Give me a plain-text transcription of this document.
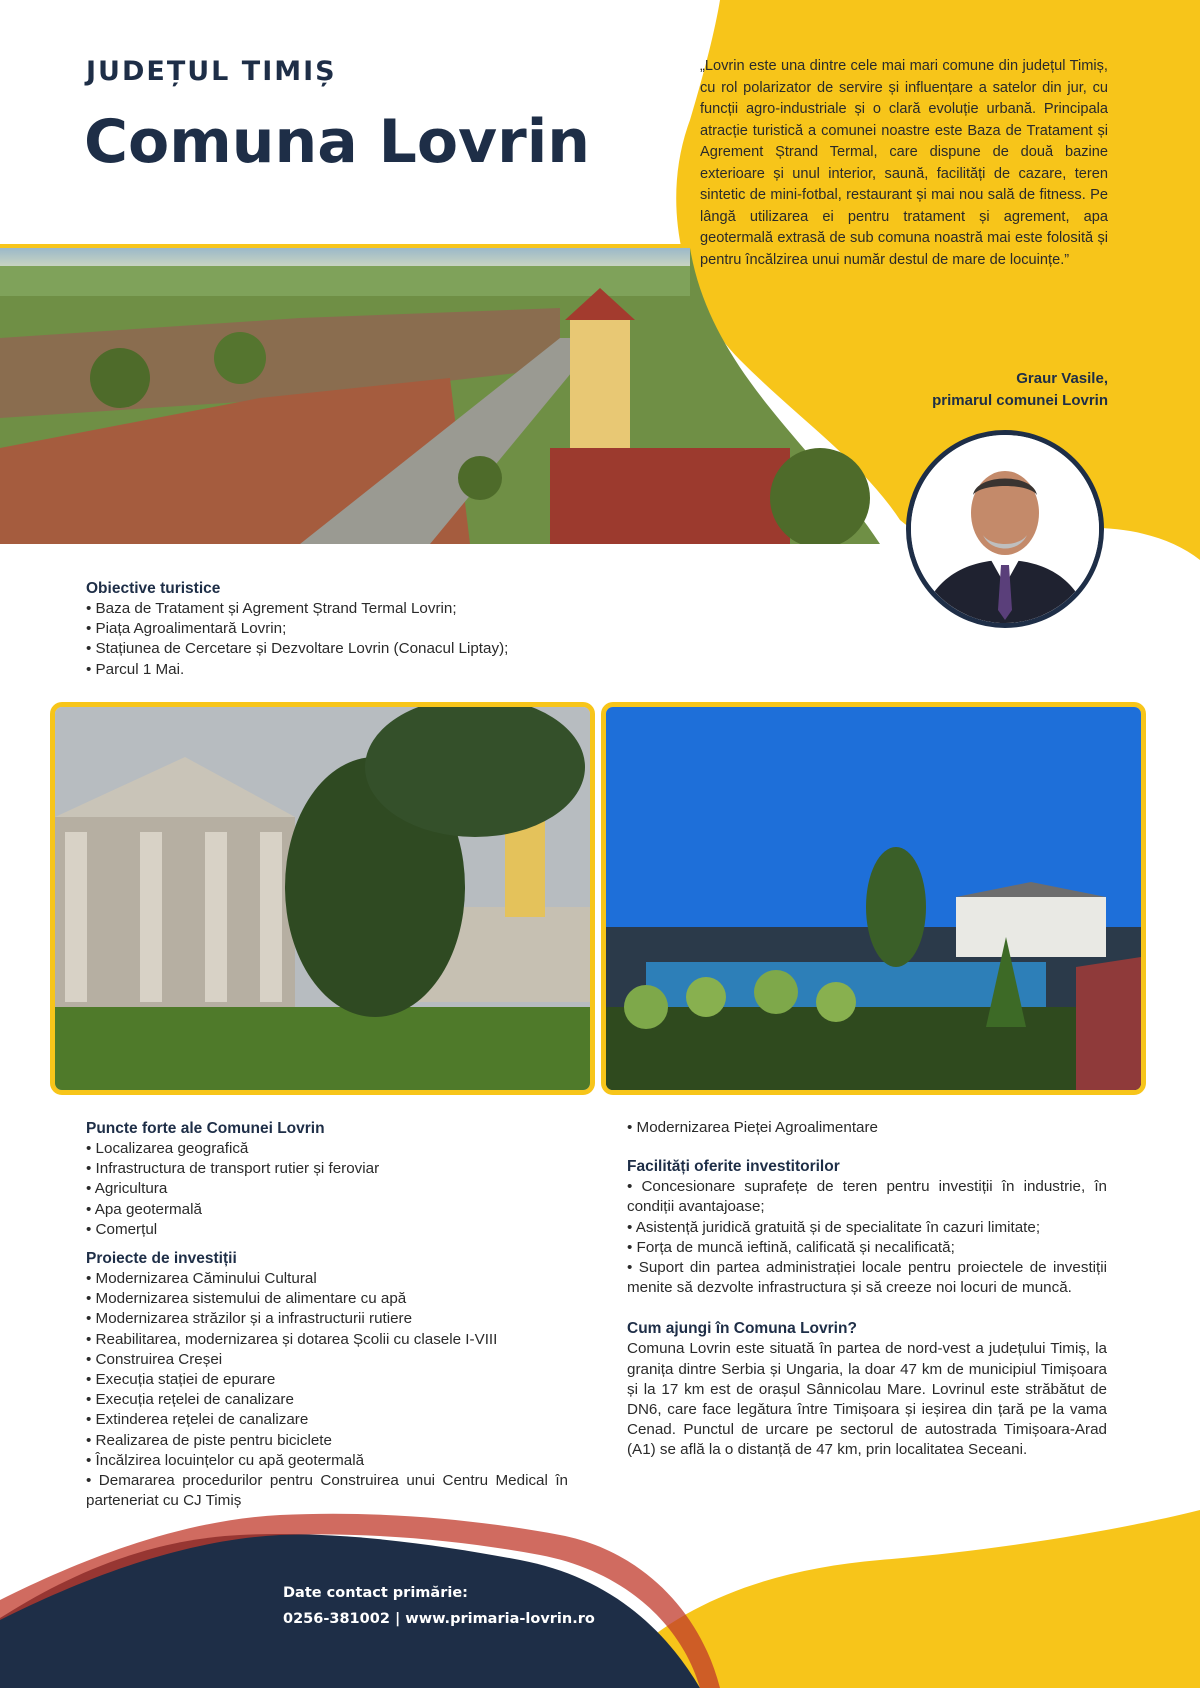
JUDEȚUL TIMIȘ
Comuna Lovrin
„Lovrin este una dintre cele mai mari comune din județul Timiș, cu rol polarizator de servire și influențare a satelor din jur, cu funcții agro-industriale și o clară evoluție urbană. Principala atracție turistică a comunei noastre este Baza de Tratament și Agrement Ștrand Termal, care dispune de două bazine exterioare și unul interior, saună, facilități de cazare, teren sintetic de mini-fotbal, restaurant și mai nou sală de fitness. Pe lângă utilizarea ei pentru tratament și agrement, apa geotermală extrasă de sub comuna noastră mai este folosită și pentru încălzirea unui număr destul de mare de locuințe.”
Graur Vasile,
primarul comunei Lovrin

Obiective turistice

• Baza de Tratament și Agrement Ștrand Termal Lovrin;
• Piața Agroalimentară Lovrin;
• Stațiunea de Cercetare și Dezvoltare Lovrin (Conacul Liptay);
• Parcul 1 Mai.

Puncte forte ale Comunei Lovrin

• Localizarea geografică
• Infrastructura de transport rutier și feroviar
• Agricultura
• Apa geotermală
• Comerțul

Proiecte de investiții

• Modernizarea Căminului Cultural
• Modernizarea sistemului de alimentare cu apă
• Modernizarea străzilor și a infrastructurii rutiere
• Reabilitarea, modernizarea și dotarea Școlii cu clasele I-VIII
• Construirea Creșei
• Execuția stației de epurare
• Execuția rețelei de canalizare
• Extinderea rețelei de canalizare
• Realizarea de piste pentru biciclete
• Încălzirea locuințelor cu apă geotermală
• Demararea procedurilor pentru Construirea unui Centru Medical în parteneriat cu CJ Timiș
• Modernizarea Pieței Agroalimentare

Facilități oferite investitorilor

• Concesionare suprafețe de teren pentru investiții în industrie, în condiții avantajoase;
• Asistență juridică gratuită și de specialitate în cazuri limitate;
• Forța de muncă ieftină, calificată și necalificată;
• Suport din partea administrației locale pentru proiectele de investiții menite să dezvolte infrastructura și să creeze noi locuri de muncă.

Cum ajungi în Comuna Lovrin?

Comuna Lovrin este situată în partea de nord-vest a județului Timiș, la granița dintre Serbia și Ungaria, la doar 47 km de municipiul Timișoara și la 17 km est de orașul Sânnicolau Mare. Lovrinul este străbătut de DN6, care face legătura între Timișoara și ieșirea din țară pe la vama Cenad. Punctul de urcare pe sectorul de autostrada Timișoara-Arad (A1) se află la o distanță de 47 km, prin localitatea Seceani.

Date contact primărie:
0256-381002 | www.primaria-lovrin.ro
